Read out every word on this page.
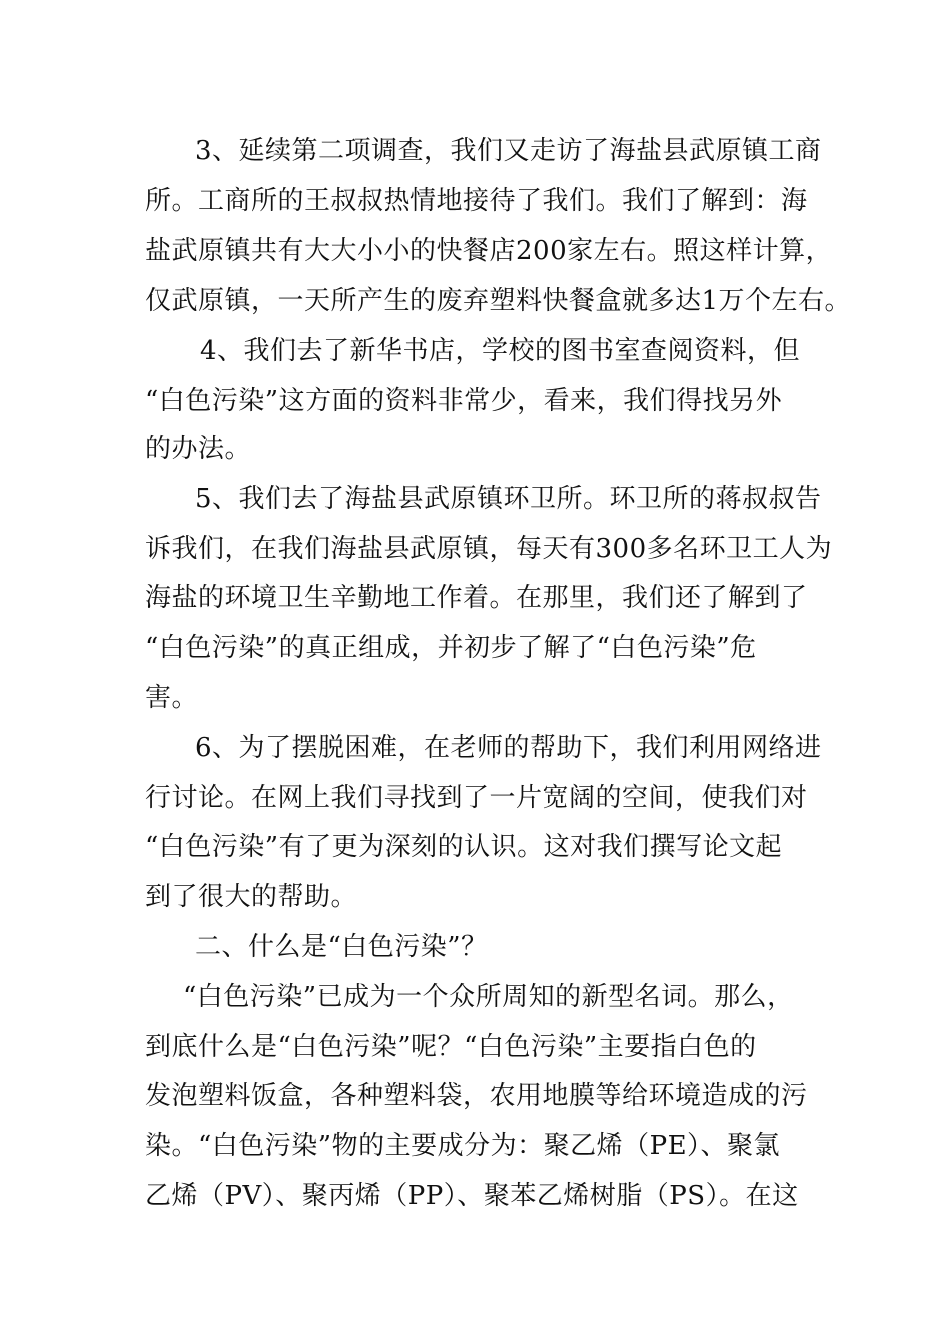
3、延续第二项调查，我们又走访了海盐县武原镇工商

所。工商所的王叔叔热情地接待了我们。我们了解到：海

盐武原镇共有大大小小的快餐店200家左右。照这样计算，

仅武原镇，一天所产生的废弃塑料快餐盒就多达1万个左右。

4、我们去了新华书店，学校的图书室查阅资料，但

“白色污染”这方面的资料非常少，看来，我们得找另外

的办法。

5、我们去了海盐县武原镇环卫所。环卫所的蒋叔叔告

诉我们，在我们海盐县武原镇，每天有300多名环卫工人为

海盐的环境卫生辛勤地工作着。在那里，我们还了解到了

“白色污染”的真正组成，并初步了解了“白色污染”危

害。

6、为了摆脱困难，在老师的帮助下，我们利用网络进

行讨论。在网上我们寻找到了一片宽阔的空间，使我们对

“白色污染”有了更为深刻的认识。这对我们撰写论文起

到了很大的帮助。

二、什么是“白色污染”？

“白色污染”已成为一个众所周知的新型名词。那么，

到底什么是“白色污染”呢？“白色污染”主要指白色的

发泡塑料饭盒，各种塑料袋，农用地膜等给环境造成的污

染。“白色污染”物的主要成分为：聚乙烯（PE）、聚氯

乙烯（PV）、聚丙烯（PP）、聚苯乙烯树脂（PS）。在这
